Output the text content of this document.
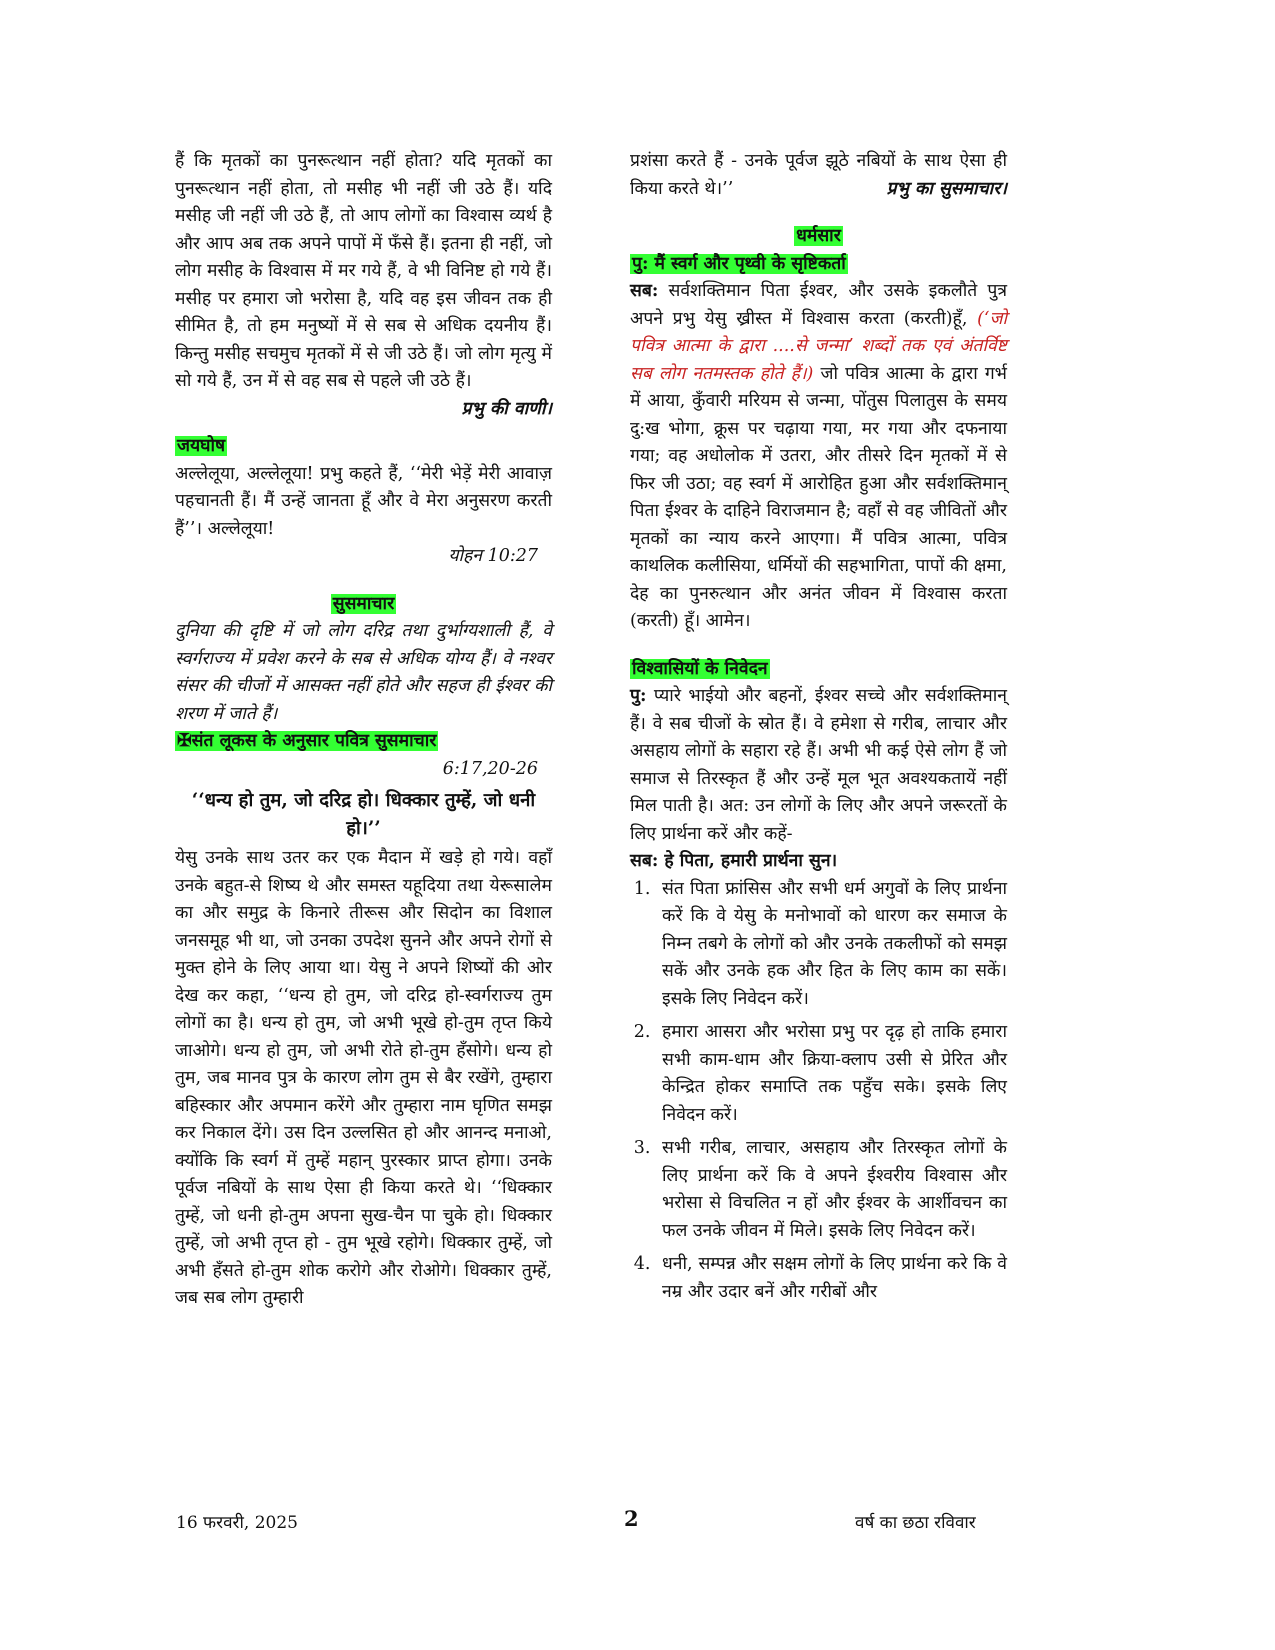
हैं कि मृतकों का पुनरूत्थान नहीं होता? यदि मृतकों का पुनरूत्थान नहीं होता, तो मसीह भी नहीं जी उठे हैं। यदि मसीह जी नहीं जी उठे हैं, तो आप लोगों का विश्वास व्यर्थ है और आप अब तक अपने पापों में फँसे हैं। इतना ही नहीं, जो लोग मसीह के विश्वास में मर गये हैं, वे भी विनिष्ट हो गये हैं। मसीह पर हमारा जो भरोसा है, यदि वह इस जीवन तक ही सीमित है, तो हम मनुष्यों में से सब से अधिक दयनीय हैं। किन्तु मसीह सचमुच मृतकों में से जी उठे हैं। जो लोग मृत्यु में सो गये हैं, उन में से वह सब से पहले जी उठे हैं।

प्रभु की वाणी।
जयघोष

अल्लेलूया, अल्लेलूया! प्रभु कहते हैं, ‘‘मेरी भेड़ें मेरी आवाज़ पहचानती हैं। मैं उन्हें जानता हूँ और वे मेरा अनुसरण करती हैं’’। अल्लेलूया!

योहन 10:27
सुसमाचार

दुनिया की दृष्टि में जो लोग दरिद्र तथा दुर्भाग्यशाली हैं, वे स्वर्गराज्य में प्रवेश करने के सब से अधिक योग्य हैं। वे नश्वर संसर की चीजों में आसक्त नहीं होते और सहज ही ईश्वर की शरण में जाते हैं।

✠संत लूकस के अनुसार पवित्र सुसमाचार
6:17,20-26
‘‘धन्य हो तुम, जो दरिद्र हो। धिक्कार तुम्हें, जो धनी हो।’’

येसु उनके साथ उतर कर एक मैदान में खड़े हो गये। वहाँ उनके बहुत-से शिष्य थे और समस्त यहूदिया तथा येरूसालेम का और समुद्र के किनारे तीरूस और सिदोन का विशाल जनसमूह भी था, जो उनका उपदेश सुनने और अपने रोगों से मुक्त होने के लिए आया था। येसु ने अपने शिष्यों की ओर देख कर कहा, ‘‘धन्य हो तुम, जो दरिद्र हो-स्वर्गराज्य तुम लोगों का है। धन्य हो तुम, जो अभी भूखे हो-तुम तृप्त किये जाओगे। धन्य हो तुम, जो अभी रोते हो-तुम हँसोगे। धन्य हो तुम, जब मानव पुत्र के कारण लोग तुम से बैर रखेंगे, तुम्हारा बहिस्कार और अपमान करेंगे और तुम्हारा नाम घृणित समझ कर निकाल देंगे। उस दिन उल्लसित हो और आनन्द मनाओ, क्योंकि कि स्वर्ग में तुम्हें महान् पुरस्कार प्राप्त होगा। उनके पूर्वज नबियों के साथ ऐसा ही किया करते थे। ‘‘धिक्कार तुम्हें, जो धनी हो-तुम अपना सुख-चैन पा चुके हो। धिक्कार तुम्हें, जो अभी तृप्त हो - तुम भूखे रहोगे। धिक्कार तुम्हें, जो अभी हँसते हो-तुम शोक करोगे और रोओगे। धिक्कार तुम्हें, जब सब लोग तुम्हारी

प्रशंसा करते हैं - उनके पूर्वज झूठे नबियों के साथ ऐसा ही किया करते थे।’’	प्रभु का सुसमाचार।

धर्मसार
पु: मैं स्वर्ग और पृथ्वी के सृष्टिकर्ता

सब: सर्वशक्तिमान पिता ईश्वर, और उसके इकलौते पुत्र अपने प्रभु येसु ख्रीस्त में विश्वास करता (करती)हूँ, (‘जो पवित्र आत्मा के द्वारा ....से जन्मा’ शब्दों तक एवं अंतर्विष्ट सब लोग नतमस्तक होते हैं।) जो पवित्र आत्मा के द्वारा गर्भ में आया, कुँवारी मरियम से जन्मा, पोंतुस पिलातुस के समय दु:ख भोगा, क्रूस पर चढ़ाया गया, मर गया और दफनाया गया; वह अधोलोक में उतरा, और तीसरे दिन मृतकों में से फिर जी उठा; वह स्वर्ग में आरोहित हुआ और सर्वशक्तिमान् पिता ईश्वर के दाहिने विराजमान है; वहाँ से वह जीवितों और मृतकों का न्याय करने आएगा। मैं पवित्र आत्मा, पवित्र काथलिक कलीसिया, धर्मियों की सहभागिता, पापों की क्षमा, देह का पुनरुत्थान और अनंत जीवन में विश्वास करता (करती) हूँ। आमेन।

विश्वासियों के निवेदन

पु: प्यारे भाईयो और बहनों, ईश्वर सच्चे और सर्वशक्तिमान् हैं। वे सब चीजों के स्रोत हैं। वे हमेशा से गरीब, लाचार और असहाय लोगों के सहारा रहे हैं। अभी भी कई ऐसे लोग हैं जो समाज से तिरस्कृत हैं और उन्हें मूल भूत अवश्यकतायें नहीं मिल पाती है। अत: उन लोगों के लिए और अपने जरूरतों के लिए प्रार्थना करें और कहें-

सब: हे पिता, हमारी प्रार्थना सुन।
1. संत पिता फ्रांसिस और सभी धर्म अगुवों के लिए प्रार्थना करें कि वे येसु के मनोभावों को धारण कर समाज के निम्न तबगे के लोगों को और उनके तकलीफों को समझ सकें और उनके हक और हित के लिए काम का सकें। इसके लिए निवेदन करें।
2. हमारा आसरा और भरोसा प्रभु पर दृढ़ हो ताकि हमारा सभी काम-धाम और क्रिया-क्लाप उसी से प्रेरित और केन्द्रित होकर समाप्ति तक पहुँच सके। इसके लिए निवेदन करें।
3. सभी गरीब, लाचार, असहाय और तिरस्कृत लोगों के लिए प्रार्थना करें कि वे अपने ईश्वरीय विश्वास और भरोसा से विचलित न हों और ईश्वर के आर्शीवचन का फल उनके जीवन में मिले। इसके लिए निवेदन करें।
4. धनी, सम्पन्न और सक्षम लोगों के लिए प्रार्थना करे कि वे नम्र और उदार बनें और गरीबों और
16 फरवरी, 2025	2	वर्ष का छठा रविवार
